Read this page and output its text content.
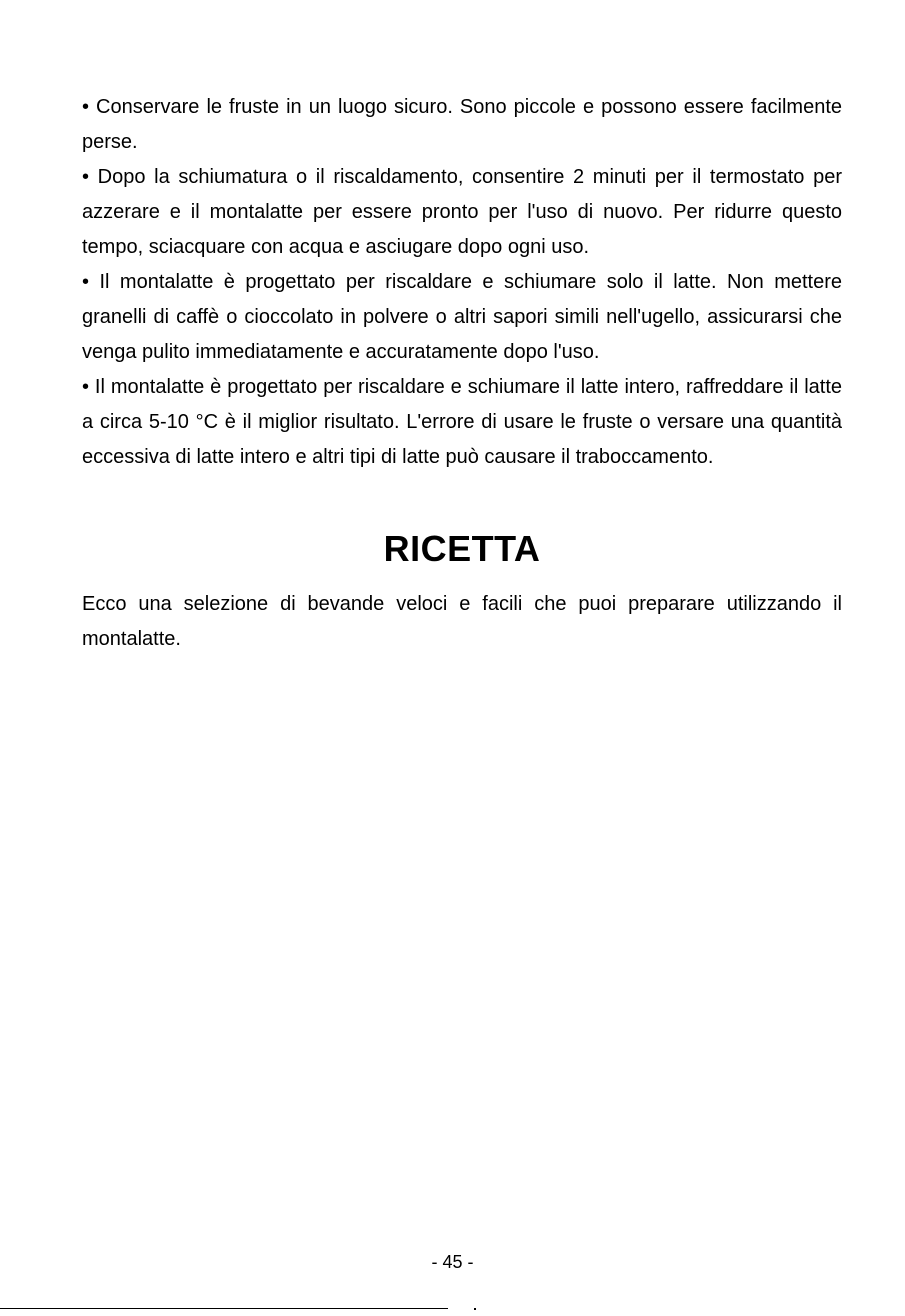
• Conservare le fruste in un luogo sicuro. Sono piccole e possono essere facilmente perse.

• Dopo la schiumatura o il riscaldamento, consentire 2 minuti per il termostato per azzerare e il montalatte per essere pronto per l'uso di nuovo. Per ridurre questo tempo, sciacquare con acqua e asciugare dopo ogni uso.

• Il montalatte è progettato per riscaldare e schiumare solo il latte. Non mettere granelli di caffè o cioccolato in polvere o altri sapori simili nell'ugello, assicurarsi che venga pulito immediatamente e accuratamente dopo l'uso.

• Il montalatte è progettato per riscaldare e schiumare il latte intero, raffreddare il latte a circa 5-10 °C è il miglior risultato. L'errore di usare le fruste o versare una quantità eccessiva di latte intero e altri tipi di latte può causare il traboccamento.

RICETTA

Ecco una selezione di bevande veloci e facili che puoi preparare utilizzando il montalatte.

- 45 -
